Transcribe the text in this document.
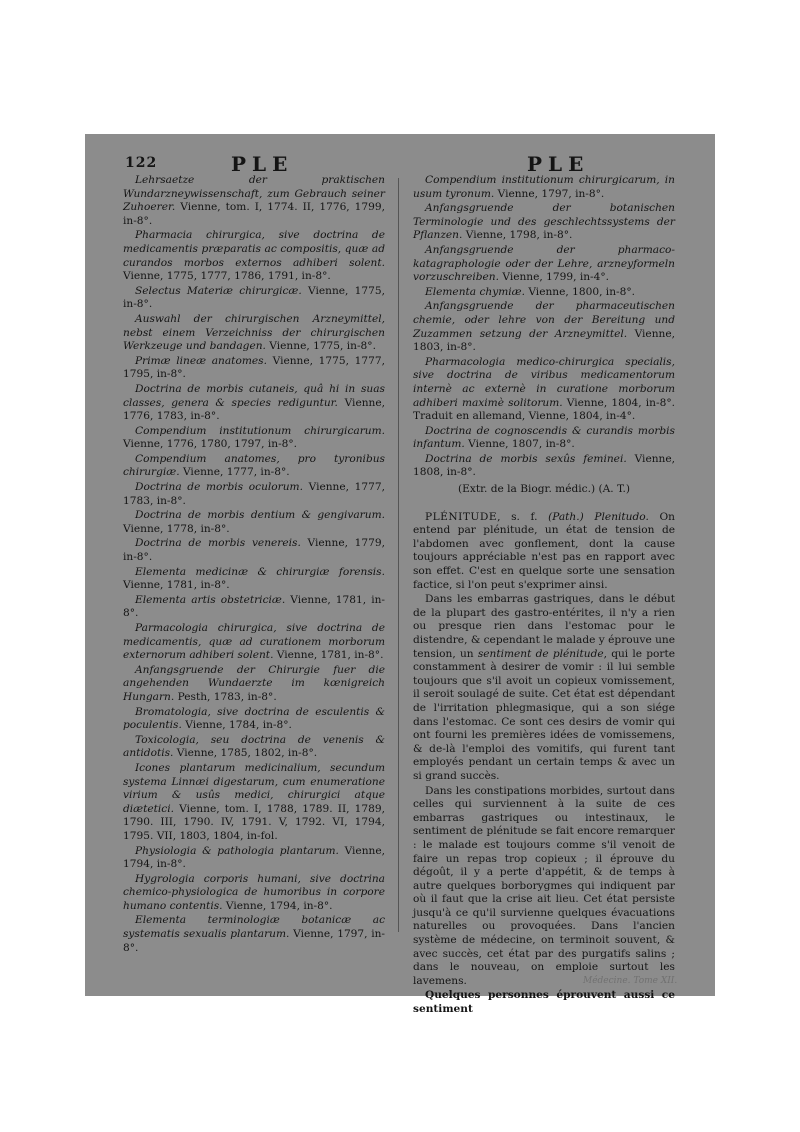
122	PLE	PLE

Lehrsaetze der praktischen Wundarzneywissenschaft, zum Gebrauch seiner Zuhoerer. Vienne, tom. I, 1774. II, 1776, 1799, in-8°.

Pharmacia chirurgica, sive doctrina de medicamentis præparatis ac compositis, quæ ad curandos morbos externos adhiberi solent. Vienne, 1775, 1777, 1786, 1791, in-8°.

Selectus Materiæ chirurgicæ. Vienne, 1775, in-8°.

Auswahl der chirurgischen Arzneymittel, nebst einem Verzeichniss der chirurgischen Werkzeuge und bandagen. Vienne, 1775, in-8°.

Primæ lineæ anatomes. Vienne, 1775, 1777, 1795, in-8°.

Doctrina de morbis cutaneis, quâ hi in suas classes, genera & species rediguntur. Vienne, 1776, 1783, in-8°.

Compendium institutionum chirurgicarum. Vienne, 1776, 1780, 1797, in-8°.

Compendium anatomes, pro tyronibus chirurgiæ. Vienne, 1777, in-8°.

Doctrina de morbis oculorum. Vienne, 1777, 1783, in-8°.

Doctrina de morbis dentium & gengivarum. Vienne, 1778, in-8°.

Doctrina de morbis venereis. Vienne, 1779, in-8°.

Elementa medicinæ & chirurgiæ forensis. Vienne, 1781, in-8°.

Elementa artis obstetriciæ. Vienne, 1781, in-8°.

Parmacologia chirurgica, sive doctrina de medicamentis, quæ ad curationem morborum externorum adhiberi solent. Vienne, 1781, in-8°.

Anfangsgruende der Chirurgie fuer die angehenden Wundaerzte im kœnigreich Hungarn. Pesth, 1783, in-8°.

Bromatologia, sive doctrina de esculentis & poculentis. Vienne, 1784, in-8°.

Toxicologia, seu doctrina de venenis & antidotis. Vienne, 1785, 1802, in-8°.

Icones plantarum medicinalium, secundum systema Linnæi digestarum, cum enumeratione virium & usûs medici, chirurgici atque diætetici. Vienne, tom. I, 1788, 1789. II, 1789, 1790. III, 1790. IV, 1791. V, 1792. VI, 1794, 1795. VII, 1803, 1804, in-fol.

Physiologia & pathologia plantarum. Vienne, 1794, in-8°.

Hygrologia corporis humani, sive doctrina chemico-physiologica de humoribus in corpore humano contentis. Vienne, 1794, in-8°.

Elementa terminologiæ botanicæ ac systematis sexualis plantarum. Vienne, 1797, in-8°.

Compendium institutionum chirurgicarum, in usum tyronum. Vienne, 1797, in-8°.

Anfangsgruende der botanischen Terminologie und des geschlechtssystems der Pflanzen. Vienne, 1798, in-8°.

Anfangsgruende der pharmaco-katagraphologie oder der Lehre, arzneyformeln vorzuschreiben. Vienne, 1799, in-4°.

Elementa chymiæ. Vienne, 1800, in-8°.

Anfangsgruende der pharmaceutischen chemie, oder lehre von der Bereitung und Zuzammen setzung der Arzneymittel. Vienne, 1803, in-8°.

Pharmacologia medico-chirurgica specialis, sive doctrina de viribus medicamentorum internè ac externè in curatione morborum adhiberi maximè solitorum. Vienne, 1804, in-8°. Traduit en allemand, Vienne, 1804, in-4°.

Doctrina de cognoscendis & curandis morbis infantum. Vienne, 1807, in-8°.

Doctrina de morbis sexûs feminei. Vienne, 1808, in-8°.

(Extr. de la Biogr. médic.) (A. T.)

PLÉNITUDE, s. f. (Path.) Plenitudo. On entend par plénitude, un état de tension de l'abdomen avec gonflement, dont la cause toujours appréciable n'est pas en rapport avec son effet. C'est en quelque sorte une sensation factice, si l'on peut s'exprimer ainsi.

Dans les embarras gastriques, dans le début de la plupart des gastro-entérites, il n'y a rien ou presque rien dans l'estomac pour le distendre, & cependant le malade y éprouve une tension, un sentiment de plénitude, qui le porte constamment à desirer de vomir : il lui semble toujours que s'il avoit un copieux vomissement, il seroit soulagé de suite. Cet état est dépendant de l'irritation phlegmasique, qui a son siége dans l'estomac. Ce sont ces desirs de vomir qui ont fourni les premières idées de vomissemens, & de-là l'emploi des vomitifs, qui furent tant employés pendant un certain temps & avec un si grand succès.

Dans les constipations morbides, surtout dans celles qui surviennent à la suite de ces embarras gastriques ou intestinaux, le sentiment de plénitude se fait encore remarquer : le malade est toujours comme s'il venoit de faire un repas trop copieux ; il éprouve du dégoût, il y a perte d'appétit, & de temps à autre quelques borborygmes qui indiquent par où il faut que la crise ait lieu. Cet état persiste jusqu'à ce qu'il survienne quelques évacuations naturelles ou provoquées. Dans l'ancien système de médecine, on terminoit souvent, & avec succès, cet état par des purgatifs salins ; dans le nouveau, on emploie surtout les lavemens.

Quelques personnes éprouvent aussi ce sentiment

Médecine. Tome XII.
